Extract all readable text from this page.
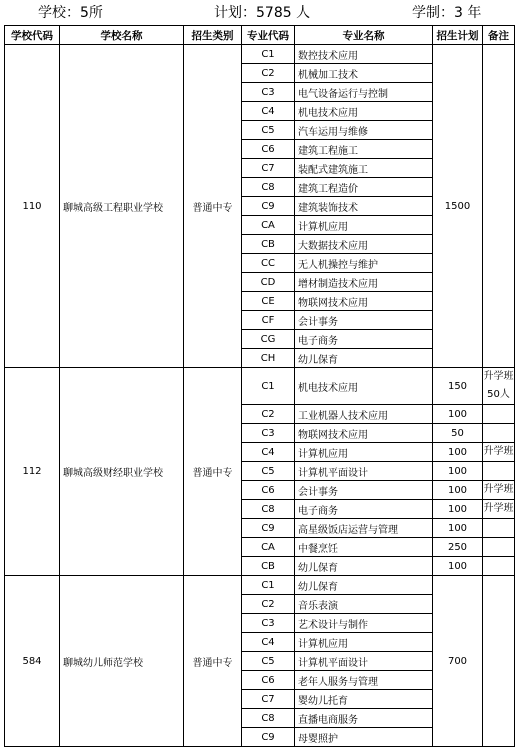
学校：5所	计划：5785 人	学制：3 年
学校代码	学校名称	招生类别	专业代码	专业名称	招生计划	备注
110	聊城高级工程职业学校	普通中专	C1	数控技术应用	1500	
			C2	机械加工技术		
			C3	电气设备运行与控制		
			C4	机电技术应用		
			C5	汽车运用与维修		
			C6	建筑工程施工		
			C7	装配式建筑施工		
			C8	建筑工程造价		
			C9	建筑装饰技术		
			CA	计算机应用		
			CB	大数据技术应用		
			CC	无人机操控与维护		
			CD	增材制造技术应用		
			CE	物联网技术应用		
			CF	会计事务		
			CG	电子商务		
			CH	幼儿保育		
112	聊城高级财经职业学校	普通中专	C1	机电技术应用	150	升学班 50人
			C2	工业机器人技术应用	100	
			C3	物联网技术应用	50	
			C4	计算机应用	100	升学班
			C5	计算机平面设计	100	
			C6	会计事务	100	升学班
			C8	电子商务	100	升学班
			C9	高星级饭店运营与管理	100	
			CA	中餐烹饪	250	
			CB	幼儿保育	100	
584	聊城幼儿师范学校	普通中专	C1	幼儿保育	700	
			C2	音乐表演		
			C3	艺术设计与制作		
			C4	计算机应用		
			C5	计算机平面设计		
			C6	老年人服务与管理		
			C7	婴幼儿托育		
			C8	直播电商服务		
			C9	母婴照护		
